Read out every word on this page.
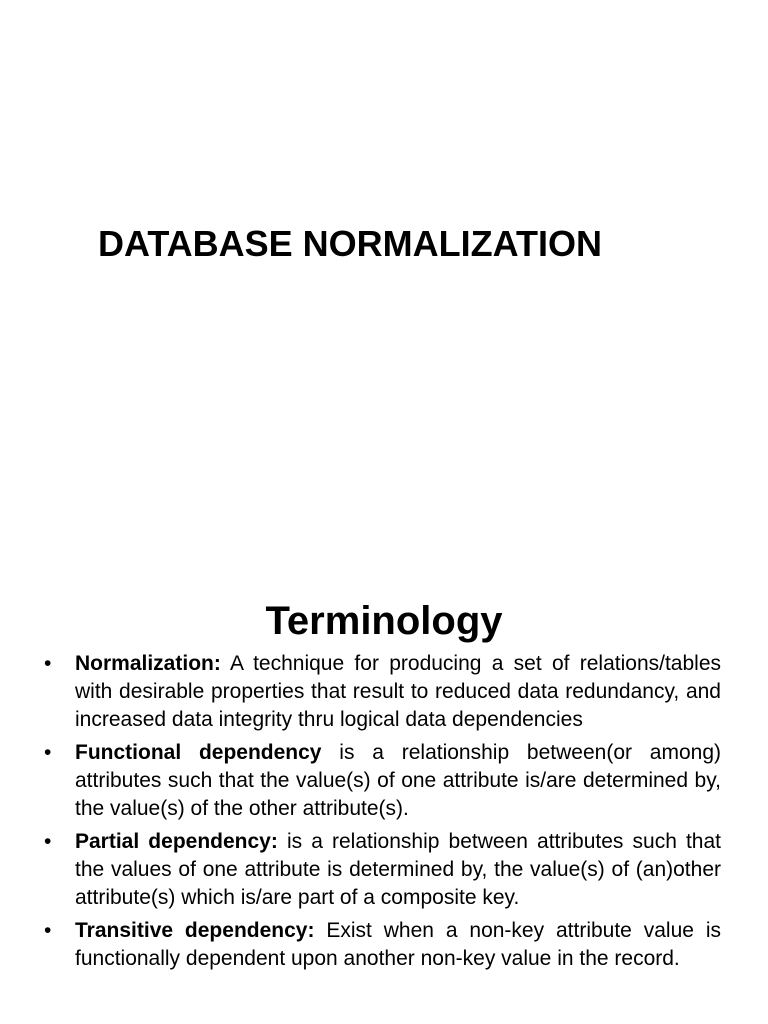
DATABASE NORMALIZATION
Terminology
• Normalization: A technique for producing a set of relations/tables with desirable properties that result to reduced data redundancy, and increased data integrity thru logical data dependencies
• Functional dependency is a relationship between(or among) attributes such that the value(s) of one attribute is/are determined by, the value(s) of the other attribute(s).
• Partial dependency: is a relationship between attributes such that the values of one attribute is determined by, the value(s) of (an)other attribute(s) which is/are part of a composite key.
• Transitive dependency: Exist when a non-key attribute value is functionally dependent upon another non-key value in the record.
